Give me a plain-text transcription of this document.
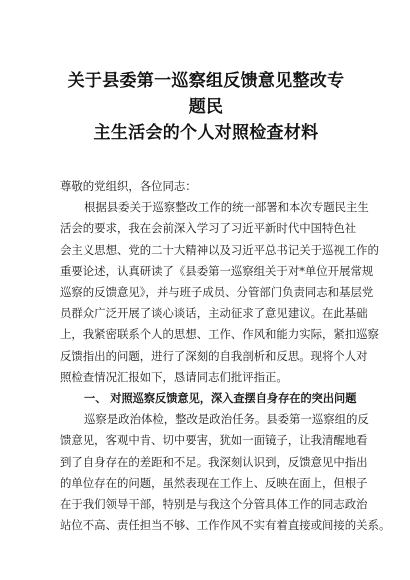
关于县委第一巡察组反馈意见整改专题民
主生活会的个人对照检查材料

尊敬的党组织，各位同志：

根据县委关于巡察整改工作的统一部署和本次专题民主生
活会的要求，我在会前深入学习了习近平新时代中国特色社
会主义思想、党的二十大精神以及习近平总书记关于巡视工作的
重要论述，认真研读了《县委第一巡察组关于对*单位开展常规
巡察的反馈意见》，并与班子成员、分管部门负责同志和基层党
员群众广泛开展了谈心谈话，主动征求了意见建议。在此基础
上，我紧密联系个人的思想、工作、作风和能力实际，紧扣巡察
反馈指出的问题，进行了深刻的自我剖析和反思。现将个人对
照检查情况汇报如下，恳请同志们批评指正。
一、 对照巡察反馈意见，深入查摆自身存在的突出问题
巡察是政治体检，整改是政治任务。县委第一巡察组的反
馈意见，客观中肯、切中要害，犹如一面镜子，让我清醒地看
到了自身存在的差距和不足。我深刻认识到，反馈意见中指出
的单位存在的问题，虽然表现在工作上、反映在面上，但根子
在于我们领导干部，特别是与我这个分管具体工作的同志政治
站位不高、责任担当不够、工作作风不实有着直接或间接的关系。
